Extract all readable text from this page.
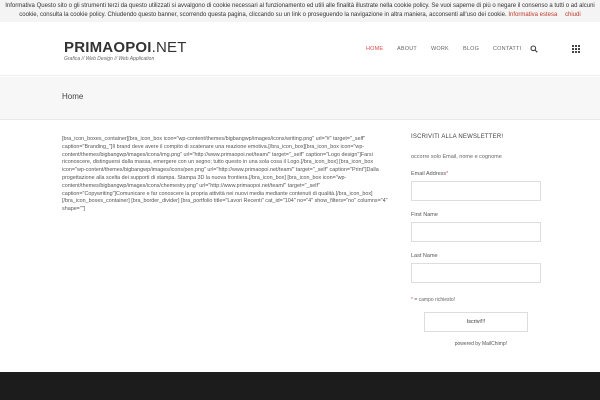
Informativa Questo sito o gli strumenti terzi da questo utilizzati si avvalgono di cookie necessari al funzionamento ed utili alle finalità illustrate nella cookie policy. Se vuoi saperne di più o negare il consenso a tutti o ad alcuni cookie, consulta la cookie policy. Chiudendo questo banner, scorrendo questa pagina, cliccando su un link o proseguendo la navigazione in altra maniera, acconsenti all'uso dei cookie. Informativa estesa chiudi
PRIMAOPOI.NET
Grafica // Web Design // Web Application
HOME ABOUT	WORK	BLOG	CONTATTI
Home
[bra_icon_boxes_container][bra_icon_box icon="wp-content/themes/bigbangwp/images/icons/writing.png" url="#" target="_self" caption="Branding_"]Il brand deve avere il compito di scatenare una reazione emotiva.[/bra_icon_box][bra_icon_box icon="wp-content/themes/bigbangwp/images/icons/img.png" url="http://www.primaopoi.net/team/" target="_self" caption="Logo design"]Farsi riconoscere, distinguersi dalla massa, emergere con un segno; tutto questo in una sola cosa il Logo.[/bra_icon_box] [bra_icon_box icon="wp-content/themes/bigbangwp/images/icons/pen.png" url="http://www.primaopoi.net/team/" target="_self" caption="Print"]Dalla progettazione alla scelta dei supporti di stampa. Stampa 3D la nuova frontiera.[/bra_icon_box] [bra_icon_box icon="wp-content/themes/bigbangwp/images/icons/chemestry.png" url="http://www.primaopoi.net/team/" target="_self" caption="Copywriting"]Comunicare e far conoscere la propria attività nei nuovi media mediante contenuti di qualità.[/bra_icon_box][/bra_icon_boxes_container] [bra_border_divider] [bra_portfolio title="Lavori Recenti" cat_id="104" no="4" show_filters="no" columns="4" shape=""]
ISCRIVITI ALLA NEWSLETTER!
occorre solo Email, nome e cognome
Email Address*
First Name
Last Name
* = campo richiesto!
Iscrivi!!!
powered by MailChimp!
